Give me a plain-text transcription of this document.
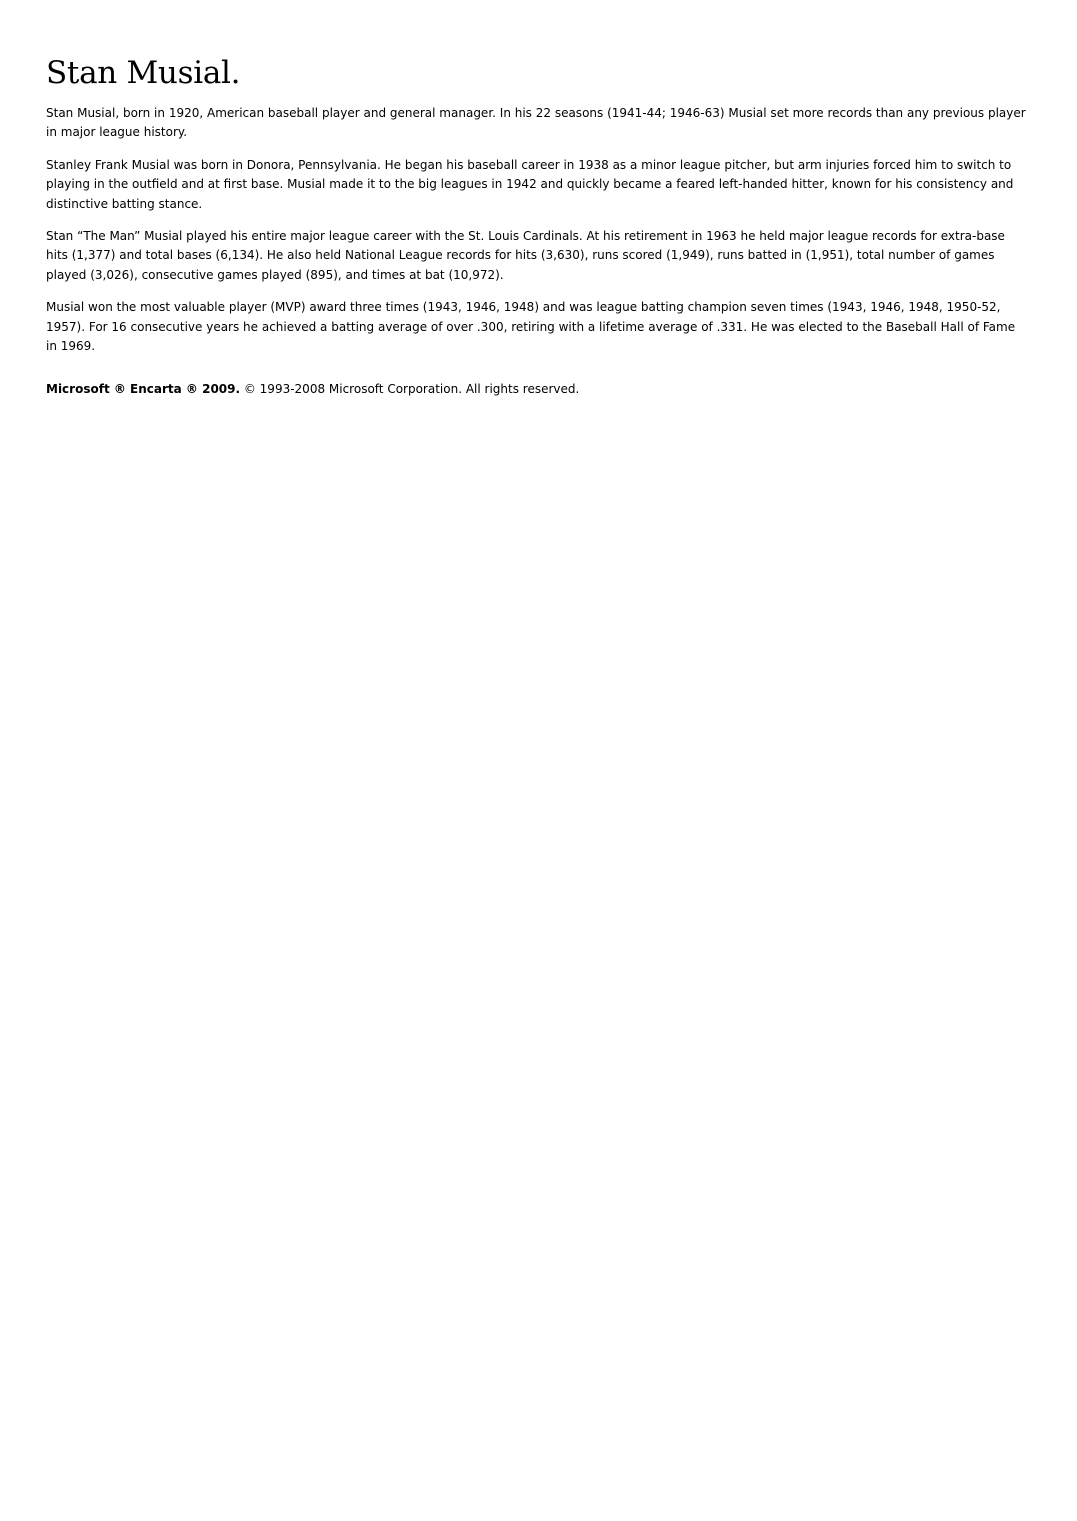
Stan Musial.

Stan Musial, born in 1920, American baseball player and general manager. In his 22 seasons (1941-44; 1946-63) Musial set more records than any previous player in major league history.

Stanley Frank Musial was born in Donora, Pennsylvania. He began his baseball career in 1938 as a minor league pitcher, but arm injuries forced him to switch to playing in the outfield and at first base. Musial made it to the big leagues in 1942 and quickly became a feared left-handed hitter, known for his consistency and distinctive batting stance.

Stan “The Man” Musial played his entire major league career with the St. Louis Cardinals. At his retirement in 1963 he held major league records for extra-base hits (1,377) and total bases (6,134). He also held National League records for hits (3,630), runs scored (1,949), runs batted in (1,951), total number of games played (3,026), consecutive games played (895), and times at bat (10,972).

Musial won the most valuable player (MVP) award three times (1943, 1946, 1948) and was league batting champion seven times (1943, 1946, 1948, 1950-52, 1957). For 16 consecutive years he achieved a batting average of over .300, retiring with a lifetime average of .331. He was elected to the Baseball Hall of Fame in 1969.

Microsoft ® Encarta ® 2009. © 1993-2008 Microsoft Corporation. All rights reserved.
